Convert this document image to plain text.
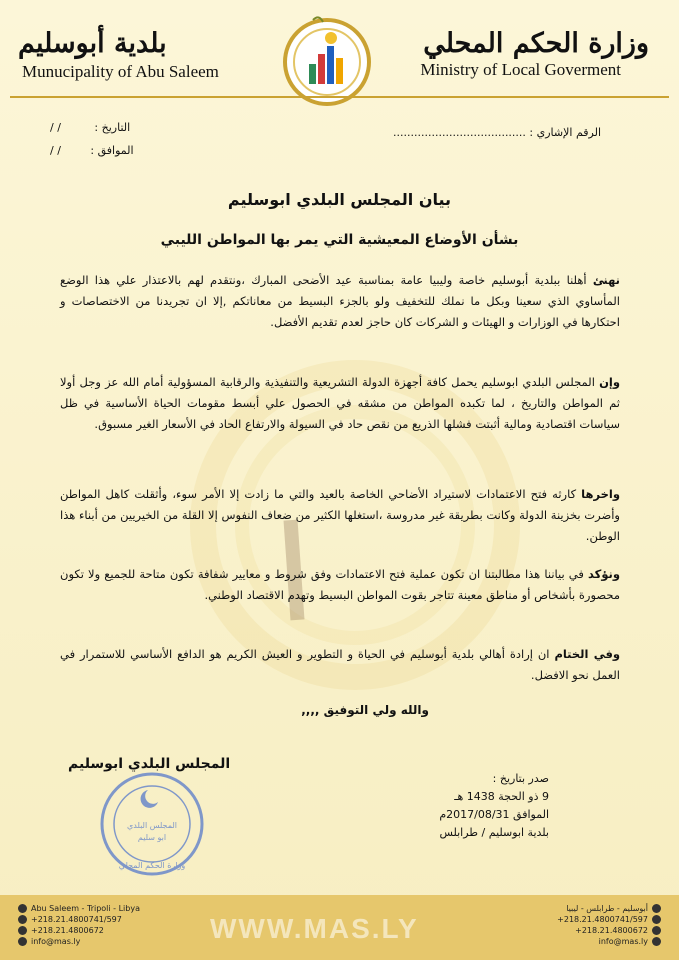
وزارة الحكم المحلي
Ministry of Local Goverment
بلدية أبوسليم
Munucipality of Abu Saleem
الرقم الإشاري : ......................................
التاريخ : / /
الموافق : / /
بيان المجلس البلدي ابوسليم
بشأن الأوضاع المعيشية التي يمر بها المواطن الليبي
نهنئ أهلنا ببلدية أبوسليم خاصة وليبيا عامة بمناسبة عيد الأضحى المبارك ،ونتقدم لهم بالاعتذار علي هذا الوضع المأساوي الذي سعينا وبكل ما نملك للتخفيف ولو بالجزء البسيط من معاناتكم ,إلا ان تجريدنا من الاختصاصات و احتكارها في الوزارات و الهيئات و الشركات كان حاجز لعدم تقديم الأفضل.
وإن المجلس البلدي ابوسليم يحمل كافة أجهزة الدولة التشريعية والتنفيذية والرقابية المسؤولية أمام الله عز وجل أولا ثم المواطن والتاريخ ، لما تكبده المواطن من مشقه في الحصول علي أبسط مقومات الحياة الأساسية في ظل سياسات اقتصادية ومالية أثبتت فشلها الذريع من نقص حاد في السيولة والارتفاع الحاد في الأسعار الغير مسبوق.
واخرها كارثه فتح الاعتمادات لاستيراد الأضاحي الخاصة بالعيد والتي ما زادت إلا الأمر سوء، وأثقلت كاهل المواطن وأضرت بخزينة الدولة وكانت بطريقة غير مدروسة ،استغلها الكثير من ضعاف النفوس إلا القلة من الخيريين من أبناء هذا الوطن.
ونؤكد في بياننا هذا مطالبتنا ان تكون عملية فتح الاعتمادات وفق شروط و معايير شفافة تكون متاحة للجميع ولا تكون محصورة بأشخاص أو مناطق معينة تتاجر بقوت المواطن البسيط وتهدم الاقتصاد الوطني.
وفي الختام ان إرادة أهالي بلدية أبوسليم في الحياة و التطوير و العيش الكريم هو الدافع الأساسي للاستمرار في العمل نحو الافضل.
والله ولي التوفيق ,,,,
المجلس البلدي ابوسليم
صدر بتاريخ :
9 ذو الحجة 1438 هـ
الموافق 2017/08/31م
بلدية ابوسليم / طرابلس
وزارة الحكم المحلي
المجلس البلدي
ابو سليم
WWW.MAS.LY
Abu Saleem - Tripoli - Libya
+218.21.4800741/597
+218.21.4800672
info@mas.ly
أبوسليم - طرابلس - ليبيا
+218.21.4800741/597
+218.21.4800672
info@mas.ly
